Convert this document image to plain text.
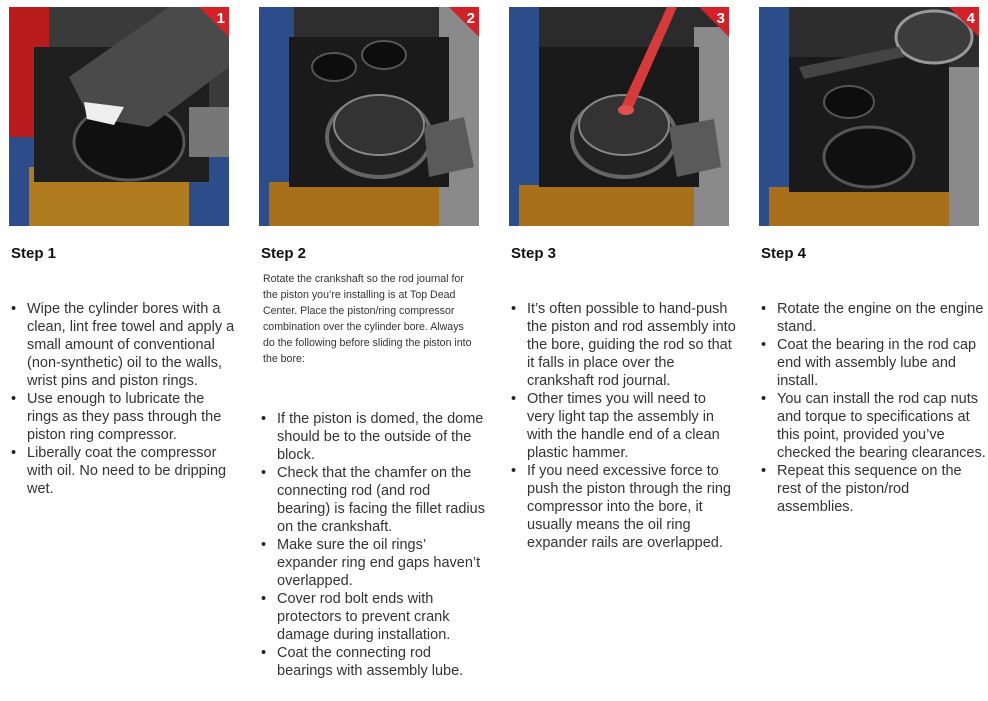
1
Step 1
• Wipe the cylinder bores with a clean, lint free towel and apply a small amount of conventional (non-synthetic) oil to the walls, wrist pins and piston rings.
• Use enough to lubricate the rings as they pass through the piston ring compressor.
• Liberally coat the compressor with oil. No need to be dripping wet.
2
Step 2

Rotate the crankshaft so the rod journal for the piston you’re installing is at Top Dead Center. Place the piston/ring compressor combination over the cylinder bore. Always do the following before sliding the piston into the bore:

• If the piston is domed, the dome should be to the outside of the block.
• Check that the chamfer on the connecting rod (and rod bearing) is facing the fillet radius on the crankshaft.
• Make sure the oil rings’ expander ring end gaps haven’t overlapped.
• Cover rod bolt ends with protectors to prevent crank damage during installation.
• Coat the connecting rod bearings with assembly lube.
3
Step 3
• It’s often possible to hand-push the piston and rod assembly into the bore, guiding the rod so that it falls in place over the crankshaft rod journal.
• Other times you will need to very light tap the assembly in with the handle end of a clean plastic hammer.
• If you need excessive force to push the piston through the ring compressor into the bore, it usually means the oil ring expander rails are overlapped.
4
Step 4
• Rotate the engine on the engine stand.
• Coat the bearing in the rod cap end with assembly lube and install.
• You can install the rod cap nuts and torque to specifications at this point, provided you’ve checked the bearing clearances.
• Repeat this sequence on the rest of the piston/rod assemblies.
